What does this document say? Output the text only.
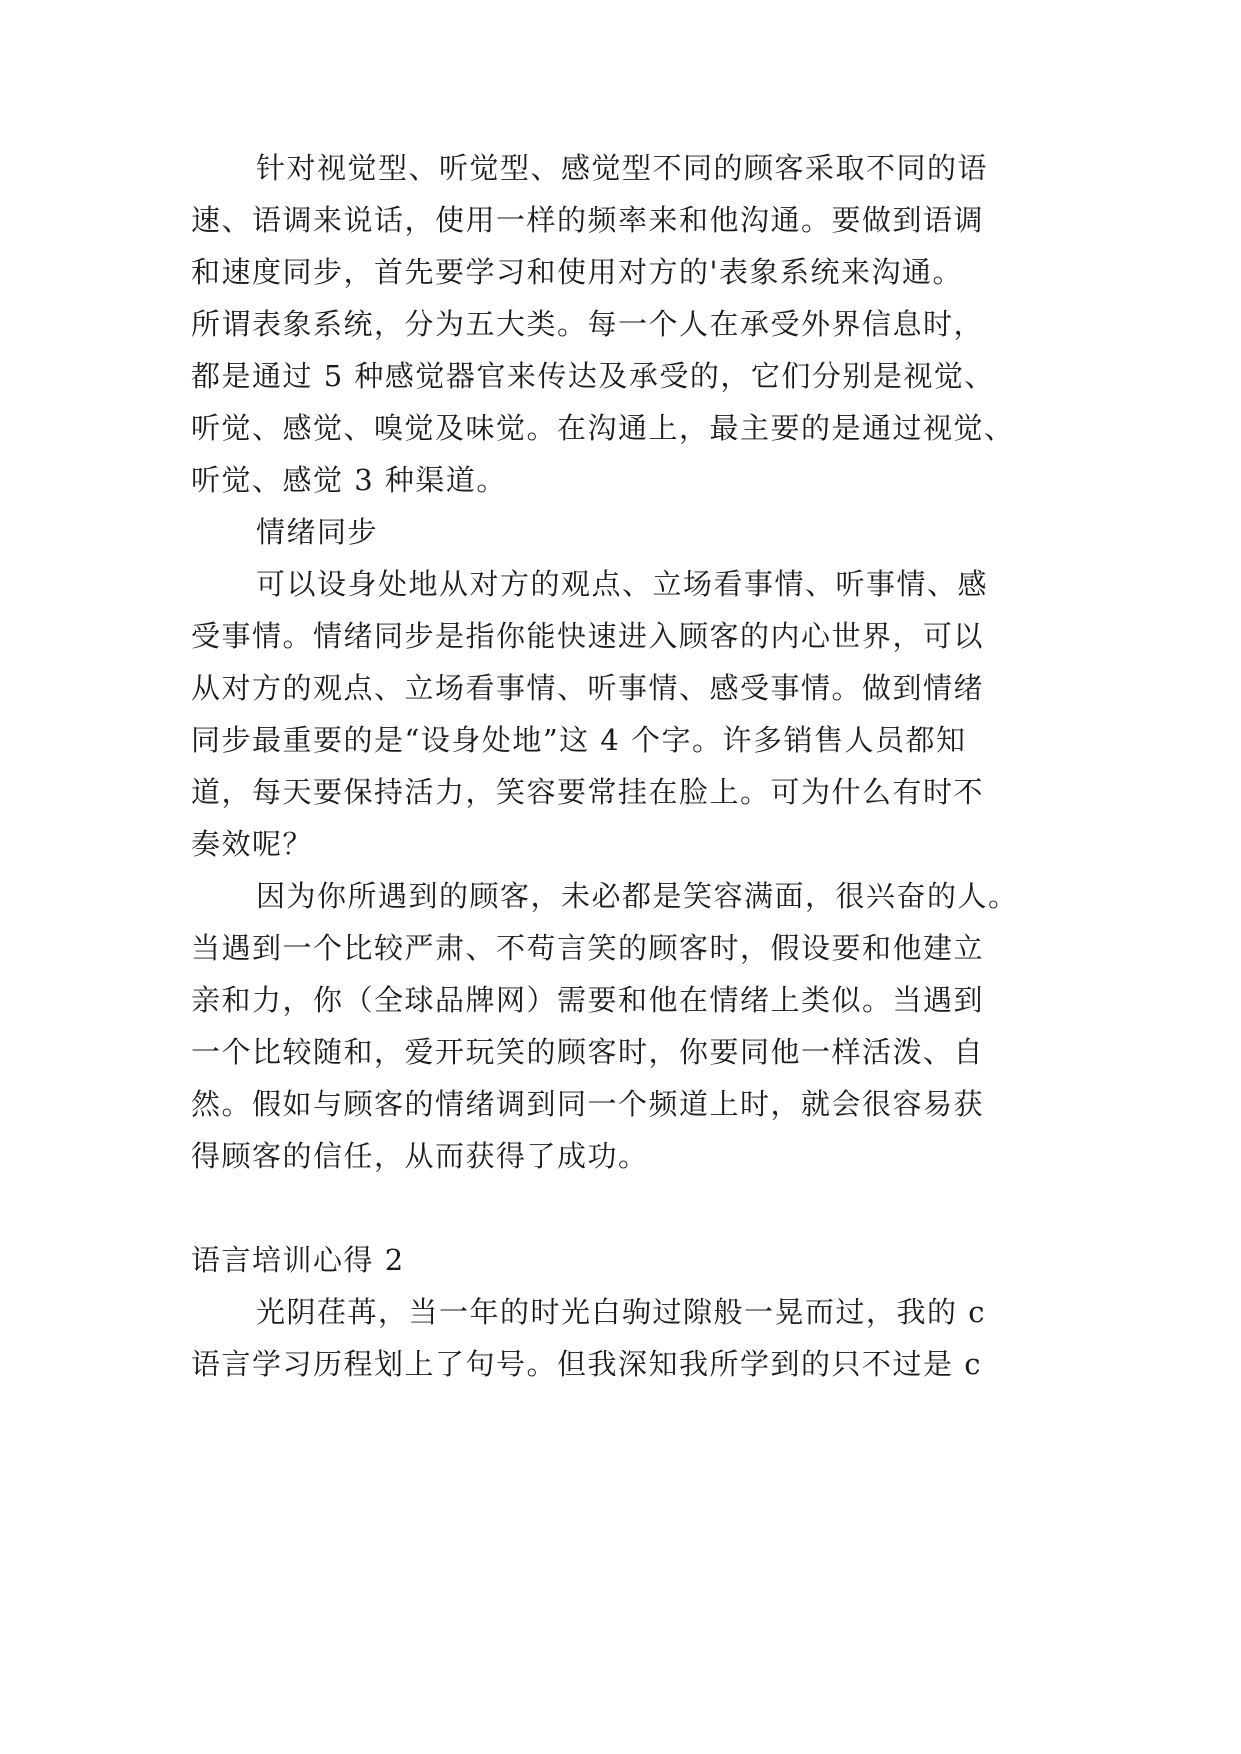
针对视觉型、听觉型、感觉型不同的顾客采取不同的语
速、语调来说话，使用一样的频率来和他沟通。要做到语调
和速度同步，首先要学习和使用对方的'表象系统来沟通。
所谓表象系统，分为五大类。每一个人在承受外界信息时，
都是通过 5 种感觉器官来传达及承受的，它们分别是视觉、
听觉、感觉、嗅觉及味觉。在沟通上，最主要的是通过视觉、
听觉、感觉 3 种渠道。
情绪同步
可以设身处地从对方的观点、立场看事情、听事情、感
受事情。情绪同步是指你能快速进入顾客的内心世界，可以
从对方的观点、立场看事情、听事情、感受事情。做到情绪
同步最重要的是“设身处地”这 4 个字。许多销售人员都知
道，每天要保持活力，笑容要常挂在脸上。可为什么有时不
奏效呢？
因为你所遇到的顾客，未必都是笑容满面，很兴奋的人。
当遇到一个比较严肃、不苟言笑的顾客时，假设要和他建立
亲和力，你（全球品牌网）需要和他在情绪上类似。当遇到
一个比较随和，爱开玩笑的顾客时，你要同他一样活泼、自
然。假如与顾客的情绪调到同一个频道上时，就会很容易获
得顾客的信任，从而获得了成功。
语言培训心得 2
光阴荏苒，当一年的时光白驹过隙般一晃而过，我的 c
语言学习历程划上了句号。但我深知我所学到的只不过是 c
